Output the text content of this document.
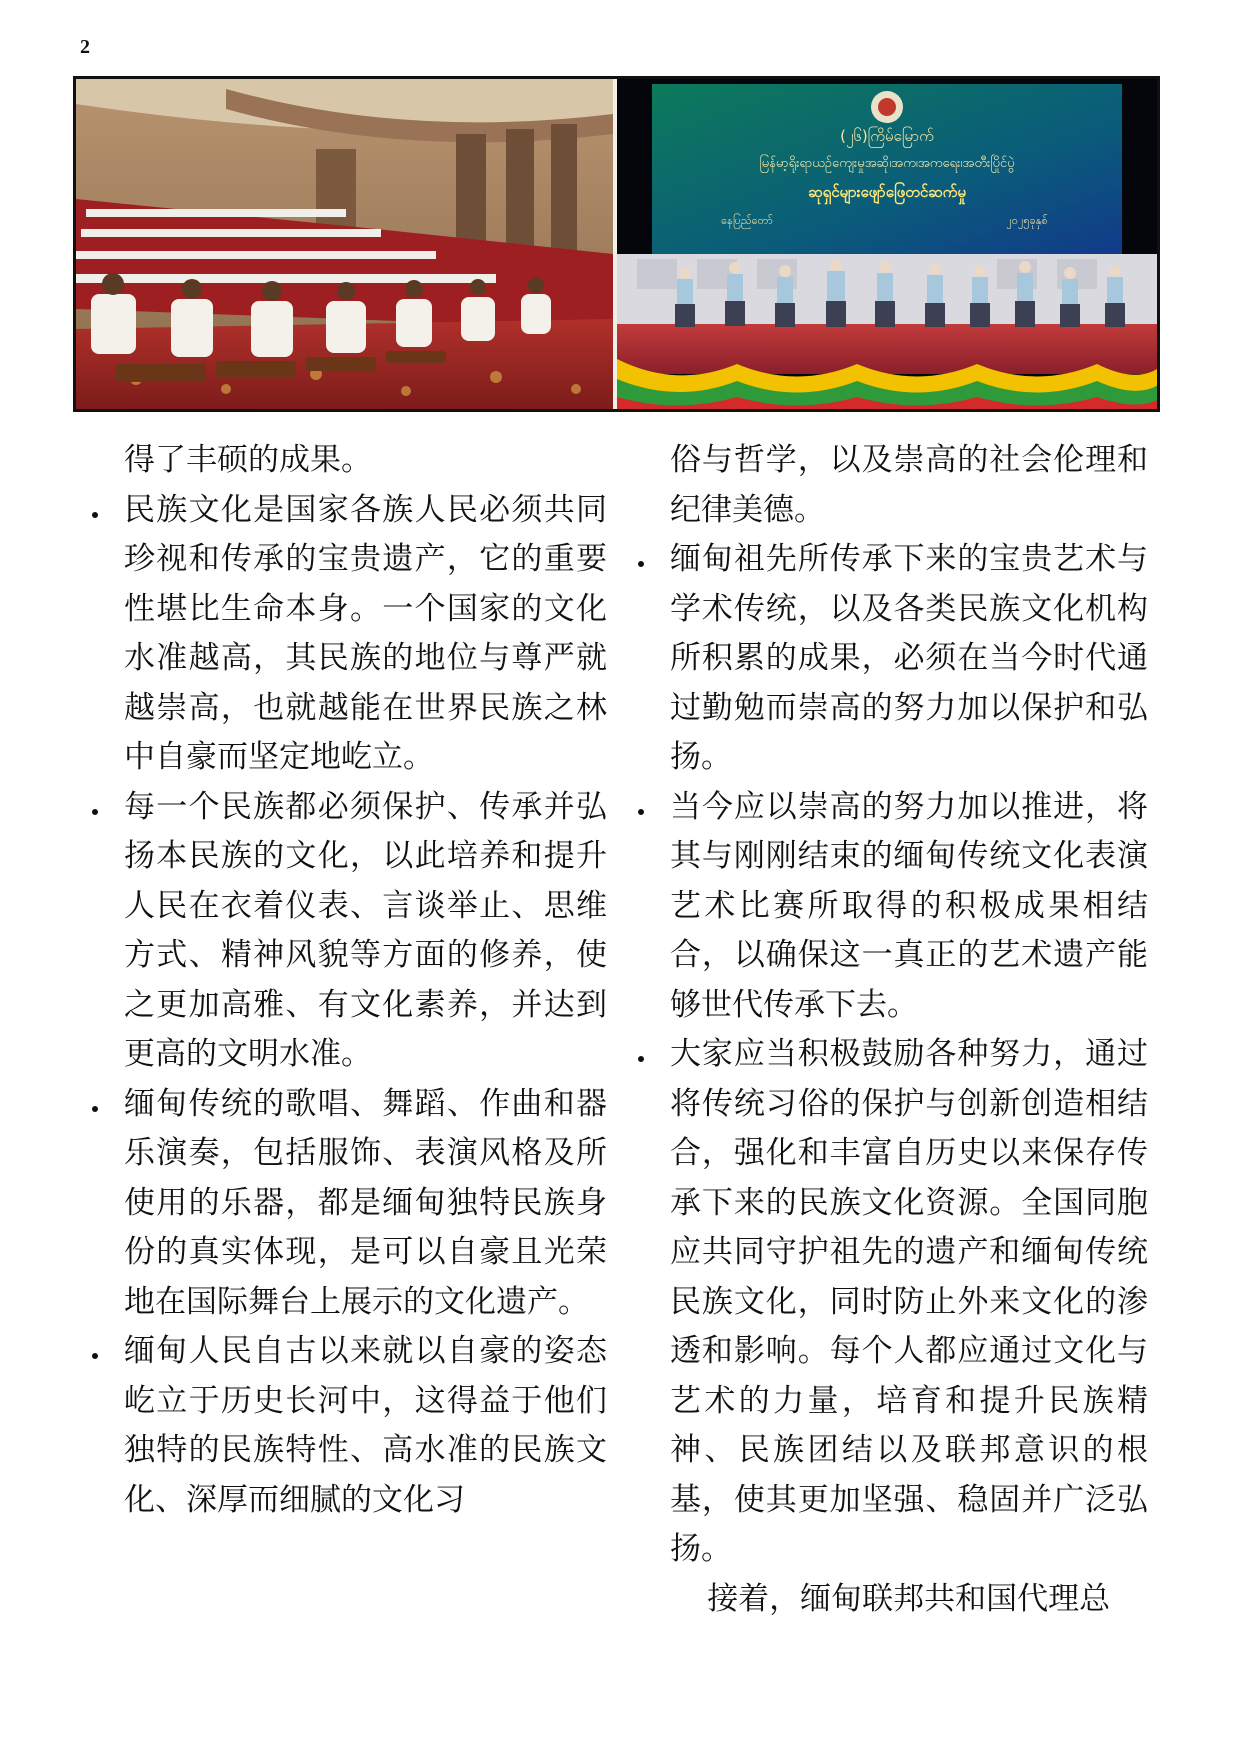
2
(၂၆)ကြိမ်မြောက်
မြန်မာ့ရိုးရာယဉ်ကျေးမှုအဆို၊အက၊အကရေး၊အတီးပြိုင်ပွဲ
ဆုရှင်များဖျော်ဖြေတင်ဆက်မှု
နေပြည်တော်	၂၀၂၅ခုနှစ်

得了丰硕的成果。

民族文化是国家各族人民必须共同珍视和传承的宝贵遗产，它的重要性堪比生命本身。一个国家的文化水准越高，其民族的地位与尊严就越崇高，也就越能在世界民族之林中自豪而坚定地屹立。
每一个民族都必须保护、传承并弘扬本民族的文化，以此培养和提升人民在衣着仪表、言谈举止、思维方式、精神风貌等方面的修养，使之更加高雅、有文化素养，并达到更高的文明水准。
缅甸传统的歌唱、舞蹈、作曲和器乐演奏，包括服饰、表演风格及所使用的乐器，都是缅甸独特民族身份的真实体现，是可以自豪且光荣地在国际舞台上展示的文化遗产。
缅甸人民自古以来就以自豪的姿态屹立于历史长河中，这得益于他们独特的民族特性、高水准的民族文化、深厚而细腻的文化习

俗与哲学，以及崇高的社会伦理和纪律美德。

缅甸祖先所传承下来的宝贵艺术与学术传统，以及各类民族文化机构所积累的成果，必须在当今时代通过勤勉而崇高的努力加以保护和弘扬。
当今应以崇高的努力加以推进，将其与刚刚结束的缅甸传统文化表演艺术比赛所取得的积极成果相结合，以确保这一真正的艺术遗产能够世代传承下去。
大家应当积极鼓励各种努力，通过将传统习俗的保护与创新创造相结合，强化和丰富自历史以来保存传承下来的民族文化资源。全国同胞应共同守护祖先的遗产和缅甸传统民族文化，同时防止外来文化的渗透和影响。每个人都应通过文化与艺术的力量，培育和提升民族精神、民族团结以及联邦意识的根基，使其更加坚强、稳固并广泛弘扬。

接着，缅甸联邦共和国代理总
